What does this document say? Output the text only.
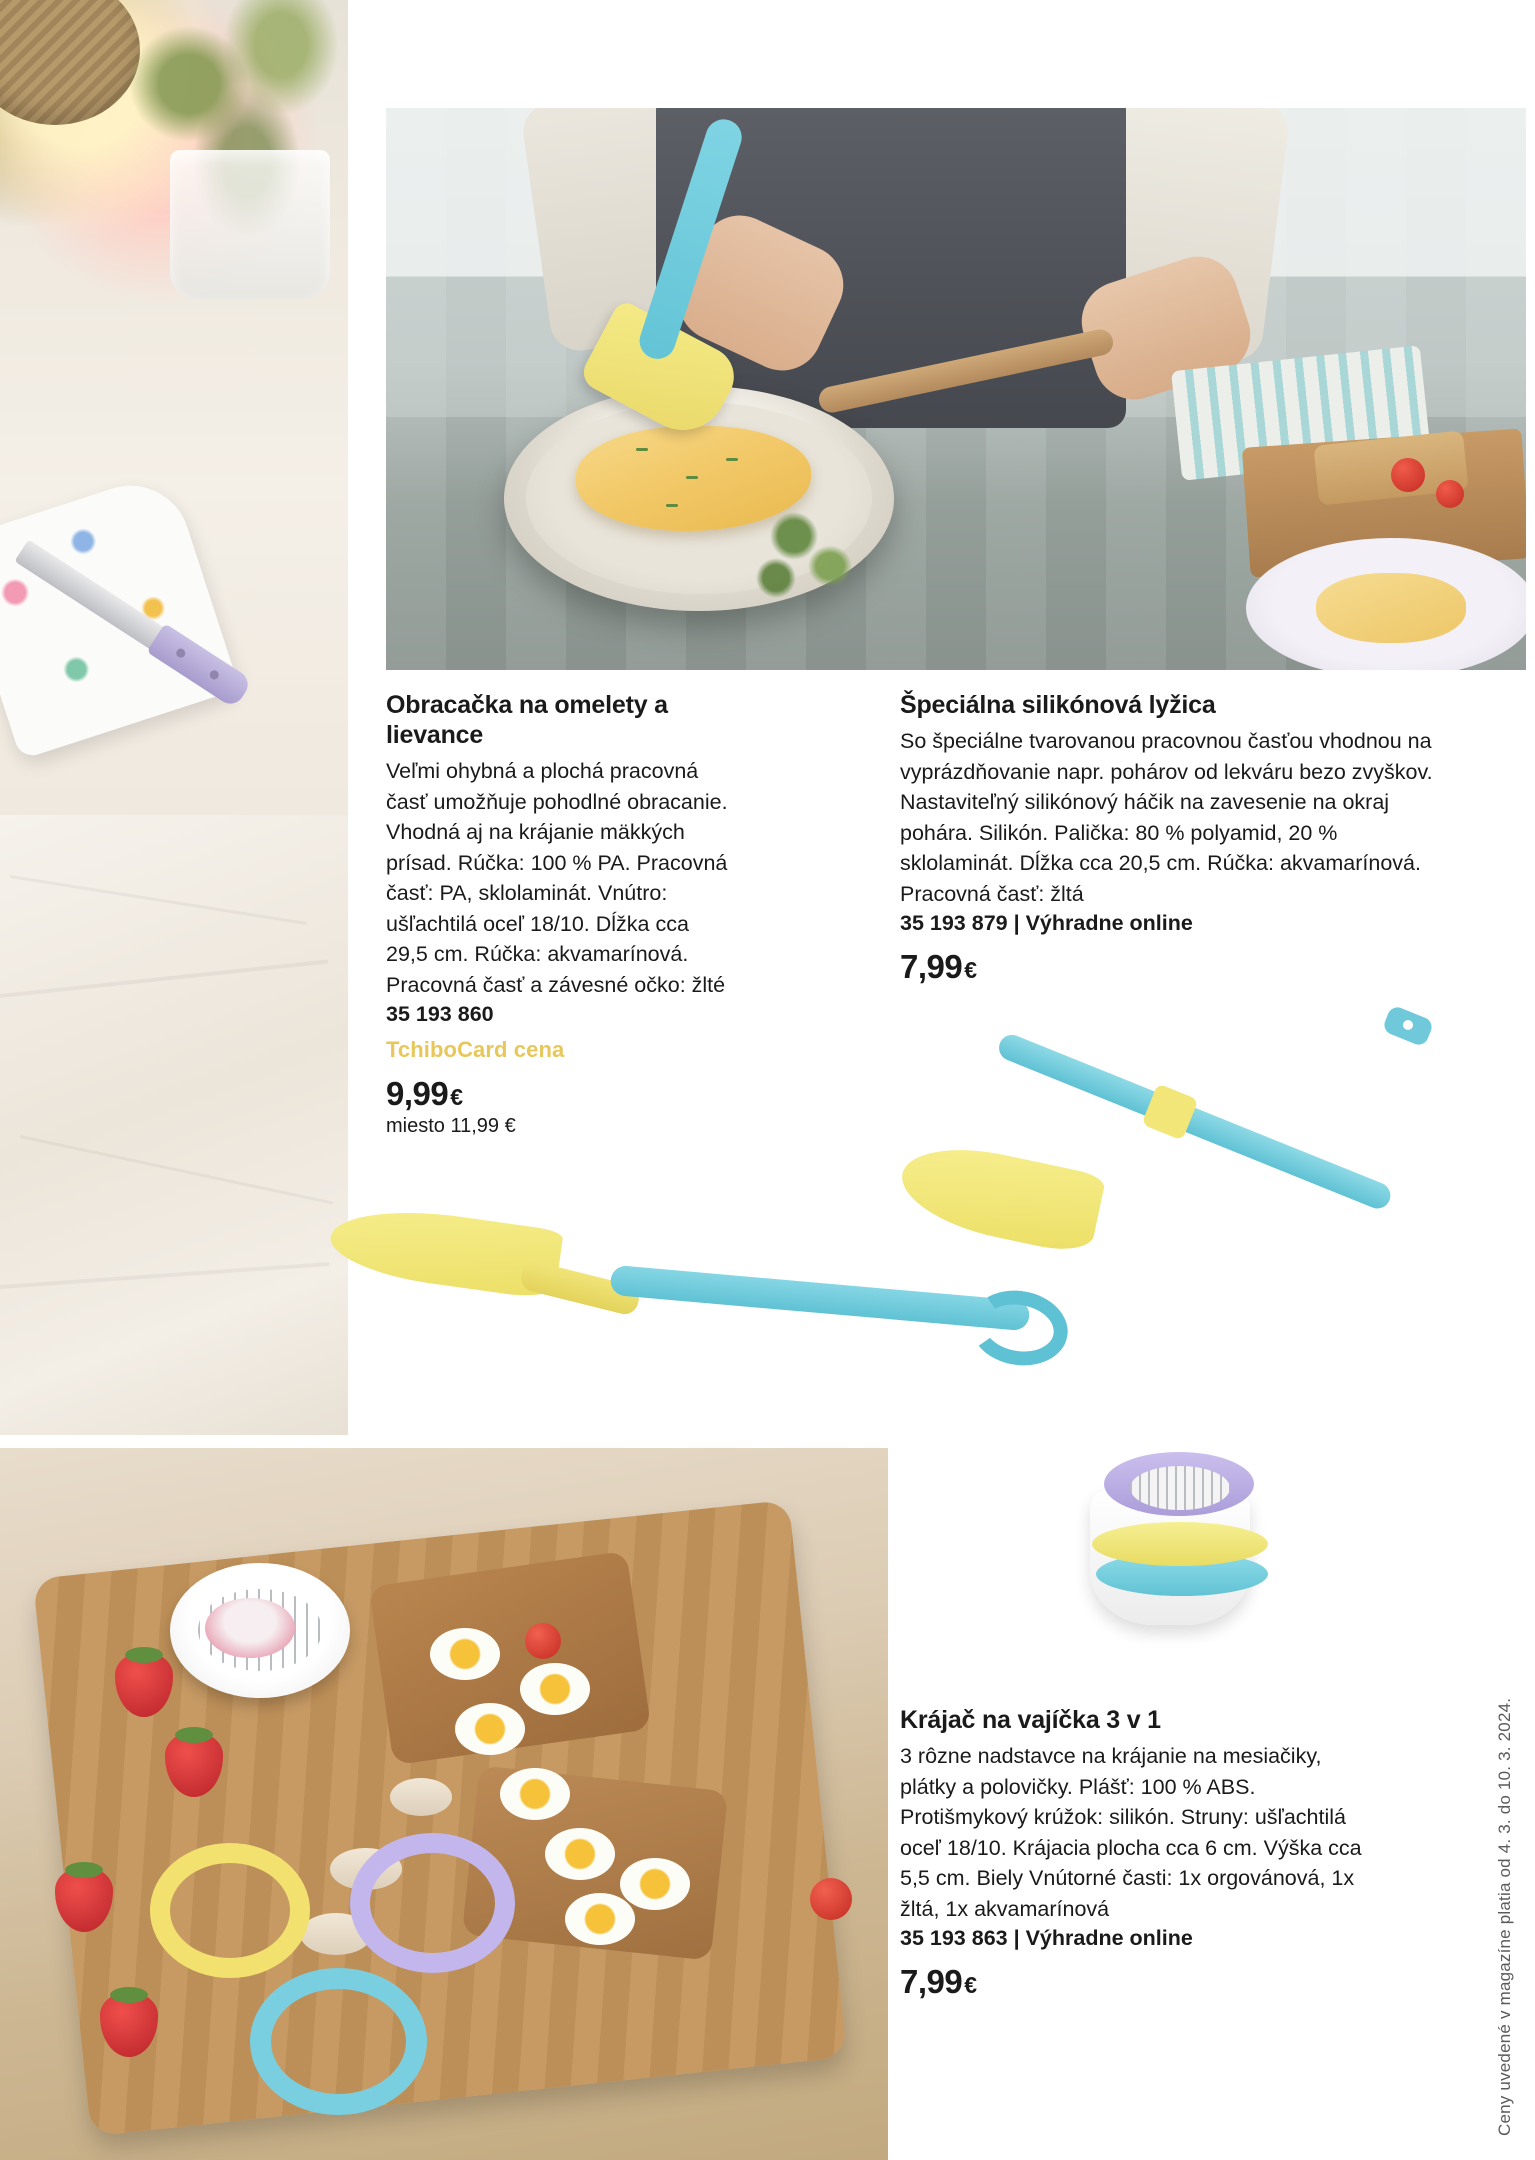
Obracačka na omelety a lievance

Veľmi ohybná a plochá pracovná časť umožňuje pohodlné obracanie. Vhodná aj na krájanie mäkkých prísad. Rúčka: 100 % PA. Pracovná časť: PA, sklolaminát. Vnútro: ušľachtilá oceľ 18/10. Dĺžka cca 29,5 cm. Rúčka: akvamarínová. Pracovná časť a závesné očko: žlté

35 193 860
TchiboCard cena
9,99€
miesto 11,99 €
Špeciálna silikónová lyžica

So špeciálne tvarovanou pracovnou časťou vhodnou na vyprázdňovanie napr. pohárov od lekváru bezo zvyškov. Nastaviteľný silikónový háčik na zavesenie na okraj pohára. Silikón. Palička: 80 % polyamid, 20 % sklolaminát. Dĺžka cca 20,5 cm. Rúčka: akvamarínová. Pracovná časť: žltá

35 193 879 | Výhradne online
7,99€
Krájač na vajíčka 3 v 1

3 rôzne nadstavce na krájanie na mesiačiky, plátky a polovičky. Plášť: 100 % ABS. Protišmykový krúžok: silikón. Struny: ušľachtilá oceľ 18/10. Krájacia plocha cca 6 cm. Výška cca 5,5 cm. Biely Vnútorné časti: 1x orgovánová, 1x žltá, 1x akvamarínová

35 193 863 | Výhradne online
7,99€	Ceny uvedené v magazíne platia od 4. 3. do 10. 3. 2024.
